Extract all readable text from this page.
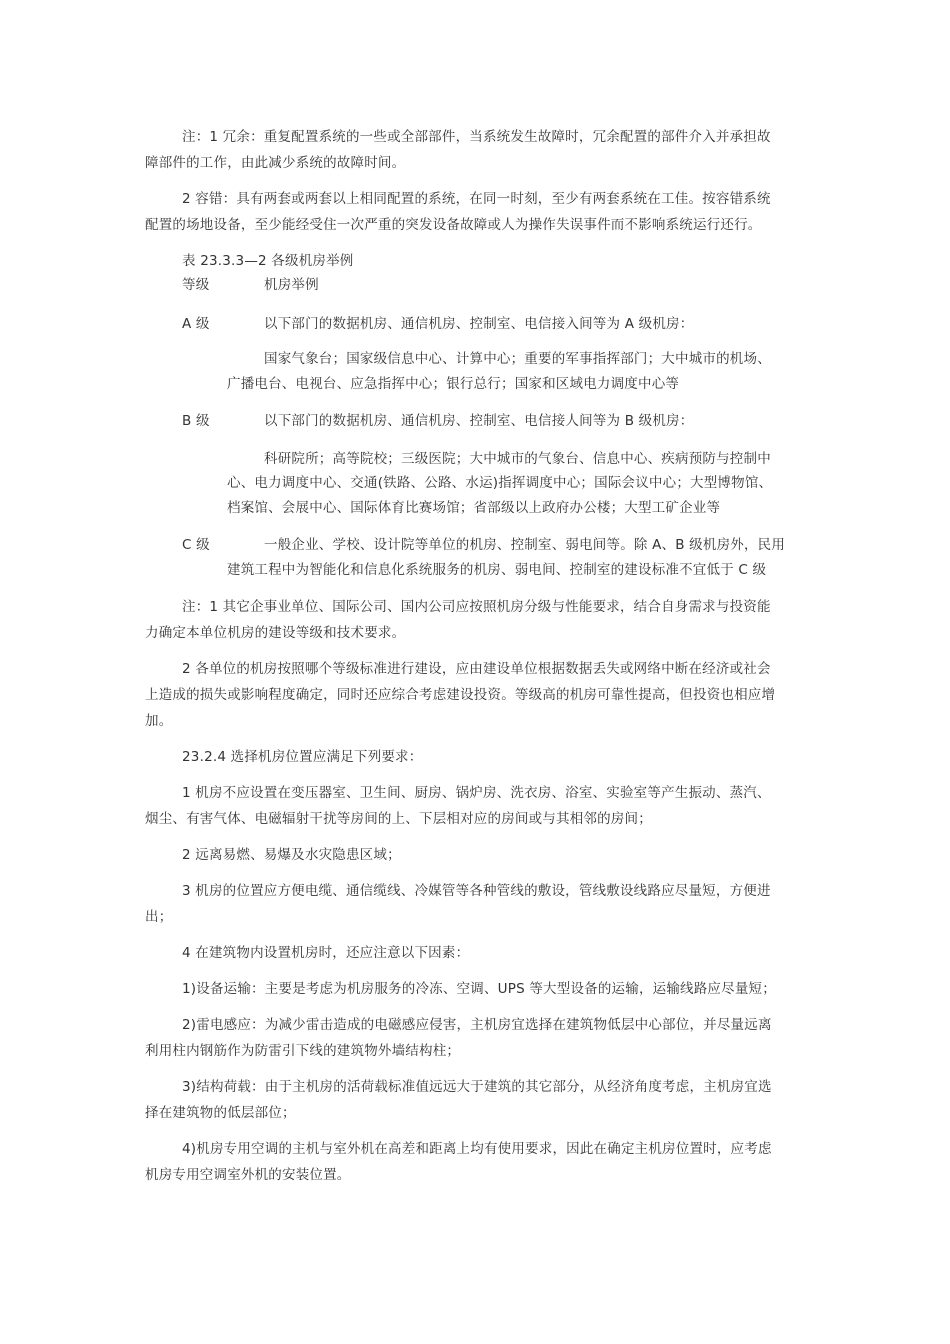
注：1 冗余：重复配置系统的一些或全部部件，当系统发生故障时，冗余配置的部件介入并承担故
障部件的工作，由此减少系统的故障时间。
2 容错：具有两套或两套以上相同配置的系统，在同一时刻，至少有两套系统在工佳。按容错系统
配置的场地设备，至少能经受住一次严重的突发设备故障或人为操作失误事件而不影响系统运行还行。
表 23.3.3—2 各级机房举例
等级	机房举例
A 级	以下部门的数据机房、通信机房、控制室、电信接入间等为 A 级机房：
国家气象台；国家级信息中心、计算中心；重要的军事指挥部门；大中城市的机场、
广播电台、电视台、应急指挥中心；银行总行；国家和区域电力调度中心等
B 级	以下部门的数据机房、通信机房、控制室、电信接人间等为 B 级机房：
科研院所；高等院校；三级医院；大中城市的气象台、信息中心、疾病预防与控制中
心、电力调度中心、交通(铁路、公路、水运)指挥调度中心；国际会议中心；大型博物馆、
档案馆、会展中心、国际体育比赛场馆；省部级以上政府办公楼；大型工矿企业等
C 级	一般企业、学校、设计院等单位的机房、控制室、弱电间等。除 A、B 级机房外，民用
建筑工程中为智能化和信息化系统服务的机房、弱电间、控制室的建设标准不宜低于 C 级
注：1 其它企事业单位、国际公司、国内公司应按照机房分级与性能要求，结合自身需求与投资能
力确定本单位机房的建设等级和技术要求。
2 各单位的机房按照哪个等级标准进行建设，应由建设单位根据数据丢失或网络中断在经济或社会
上造成的损失或影响程度确定，同时还应综合考虑建设投资。等级高的机房可靠性提高，但投资也相应增
加。
23.2.4 选择机房位置应满足下列要求：
1 机房不应设置在变压器室、卫生间、厨房、锅炉房、洗衣房、浴室、实验室等产生振动、蒸汽、
烟尘、有害气体、电磁辐射干扰等房间的上、下层相对应的房间或与其相邻的房间；
2 远离易燃、易爆及水灾隐患区域；
3 机房的位置应方便电缆、通信缆线、冷媒管等各种管线的敷设，管线敷设线路应尽量短，方便进
出；
4 在建筑物内设置机房时，还应注意以下因素：
1)设备运输：主要是考虑为机房服务的冷冻、空调、UPS 等大型设备的运输，运输线路应尽量短；
2)雷电感应：为减少雷击造成的电磁感应侵害，主机房宜选择在建筑物低层中心部位，并尽量远离
利用柱内钢筋作为防雷引下线的建筑物外墙结构柱；
3)结构荷载：由于主机房的活荷载标准值远远大于建筑的其它部分，从经济角度考虑，主机房宜选
择在建筑物的低层部位；
4)机房专用空调的主机与室外机在高差和距离上均有使用要求，因此在确定主机房位置时，应考虑
机房专用空调室外机的安装位置。
